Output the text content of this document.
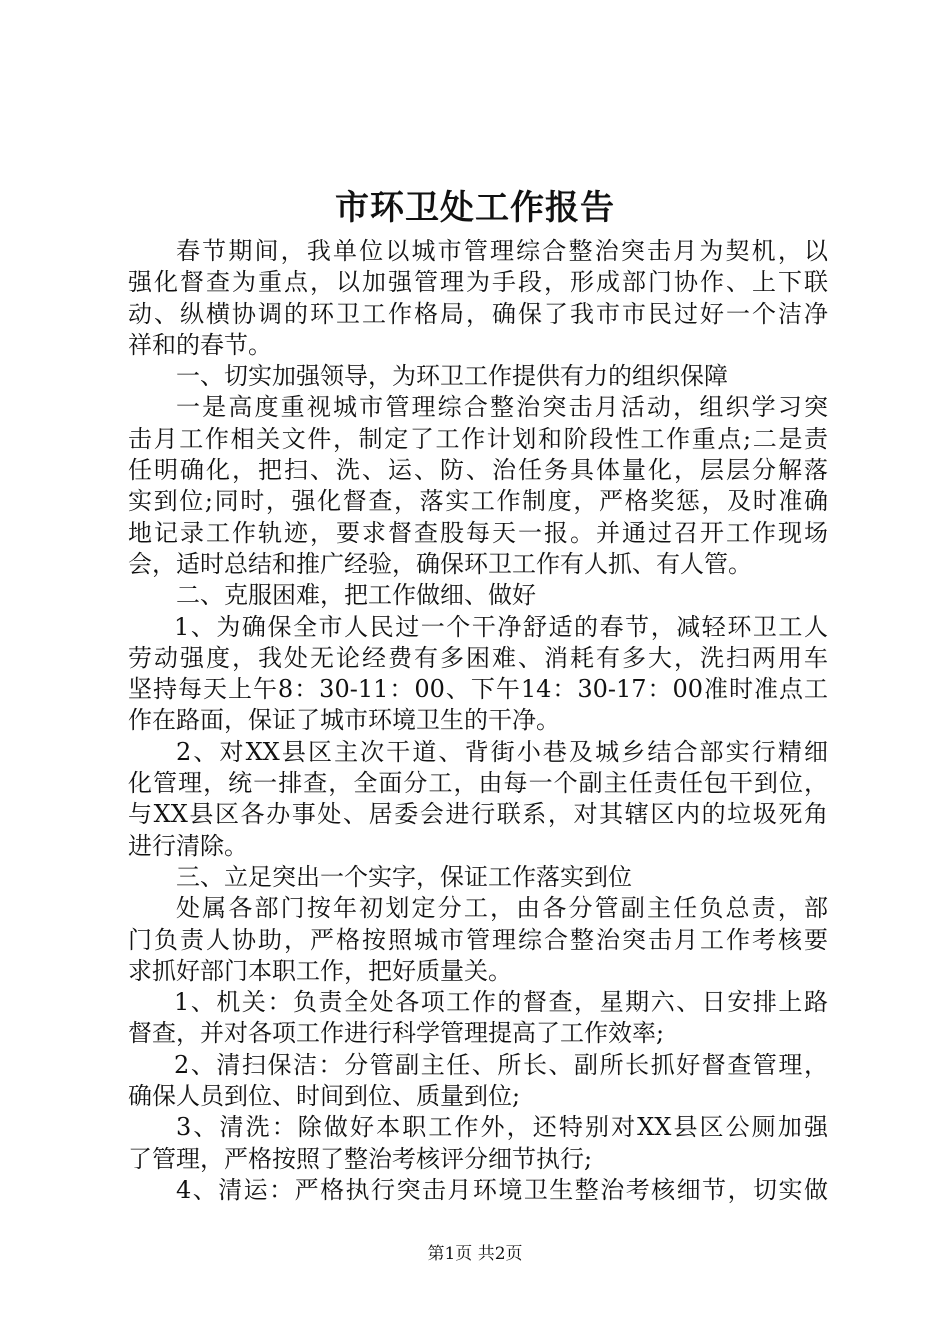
市环卫处工作报告
春节期间，我单位以城市管理综合整治突击月为契机，以
强化督查为重点，以加强管理为手段，形成部门协作、上下联
动、纵横协调的环卫工作格局，确保了我市市民过好一个洁净
祥和的春节。
一、切实加强领导，为环卫工作提供有力的组织保障
一是高度重视城市管理综合整治突击月活动，组织学习突
击月工作相关文件，制定了工作计划和阶段性工作重点;二是责
任明确化，把扫、洗、运、防、治任务具体量化，层层分解落
实到位;同时，强化督查，落实工作制度，严格奖惩，及时准确
地记录工作轨迹，要求督查股每天一报。并通过召开工作现场
会，适时总结和推广经验，确保环卫工作有人抓、有人管。
二、克服困难，把工作做细、做好
1、为确保全市人民过一个干净舒适的春节，减轻环卫工人
劳动强度，我处无论经费有多困难、消耗有多大，洗扫两用车
坚持每天上午8：30-11：00、下午14：30-17：00准时准点工
作在路面，保证了城市环境卫生的干净。
2、对XX县区主次干道、背街小巷及城乡结合部实行精细
化管理，统一排查，全面分工，由每一个副主任责任包干到位，
与XX县区各办事处、居委会进行联系，对其辖区内的垃圾死角
进行清除。
三、立足突出一个实字，保证工作落实到位
处属各部门按年初划定分工，由各分管副主任负总责，部
门负责人协助，严格按照城市管理综合整治突击月工作考核要
求抓好部门本职工作，把好质量关。
1、机关：负责全处各项工作的督查，星期六、日安排上路
督查，并对各项工作进行科学管理提高了工作效率;
2、清扫保洁：分管副主任、所长、副所长抓好督查管理，
确保人员到位、时间到位、质量到位;
3、清洗：除做好本职工作外，还特别对XX县区公厕加强
了管理，严格按照了整治考核评分细节执行;
4、清运：严格执行突击月环境卫生整治考核细节，切实做
第1页 共2页
